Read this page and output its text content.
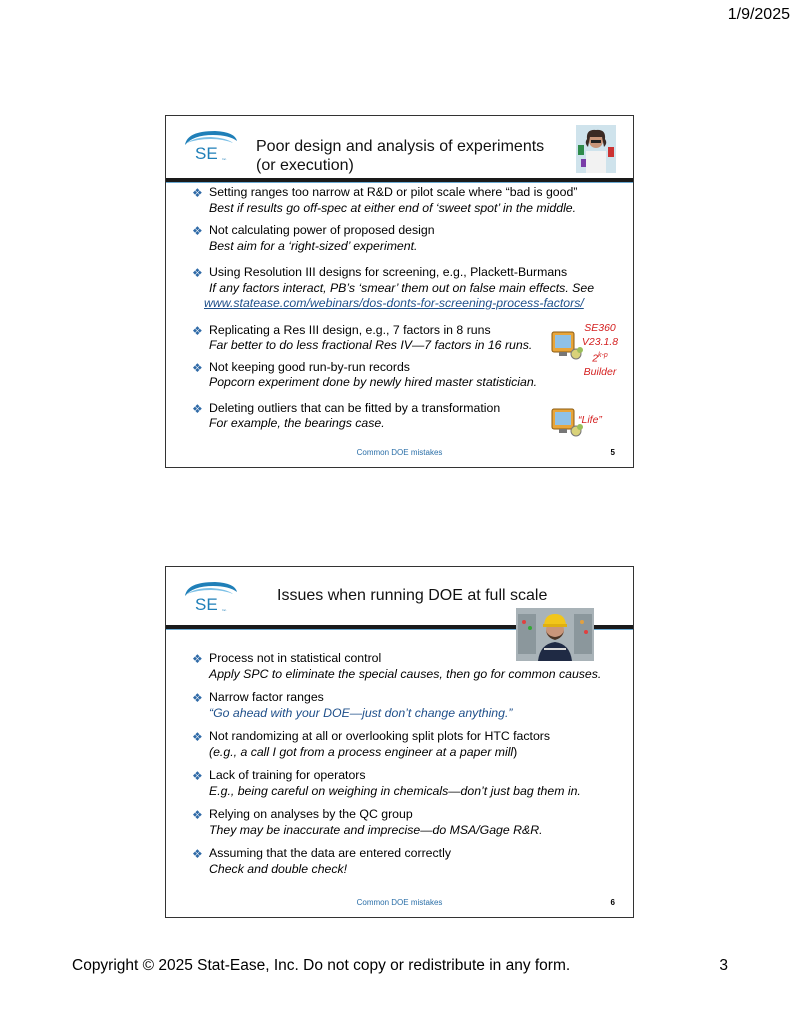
1/9/2025
SE Inc.
Poor design and analysis of experiments
(or execution)
❖ Setting ranges too narrow at R&D or pilot scale where “bad is good”
Best if results go off-spec at either end of ‘sweet spot’ in the middle.
❖ Not calculating power of proposed design
Best aim for a ‘right-sized’ experiment.
❖ Using Resolution III designs for screening, e.g., Plackett-Burmans
If any factors interact, PB’s ‘smear’ them out on false main effects. See
www.statease.com/webinars/dos-donts-for-screening-process-factors/
❖ Replicating a Res III design, e.g., 7 factors in 8 runs
Far better to do less fractional Res IV—7 factors in 16 runs.
❖ Not keeping good run-by-run records
Popcorn experiment done by newly hired master statistician.
❖ Deleting outliers that can be fitted by a transformation
For example, the bearings case.
SE360
V23.1.8
2$^{k-p}$
Builder
“Life”
Common DOE mistakes	5
SE Inc.
Issues when running DOE at full scale
❖ Process not in statistical control
Apply SPC to eliminate the special causes, then go for common causes.
❖ Narrow factor ranges
“Go ahead with your DOE—just don’t change anything.”
❖ Not randomizing at all or overlooking split plots for HTC factors
(e.g., a call I got from a process engineer at a paper mill)
❖ Lack of training for operators
E.g., being careful on weighing in chemicals—don’t just bag them in.
❖ Relying on analyses by the QC group
They may be inaccurate and imprecise—do MSA/Gage R&R.
❖ Assuming that the data are entered correctly
Check and double check!
Common DOE mistakes	6
Copyright © 2025 Stat-Ease, Inc. Do not copy or redistribute in any form.	3
